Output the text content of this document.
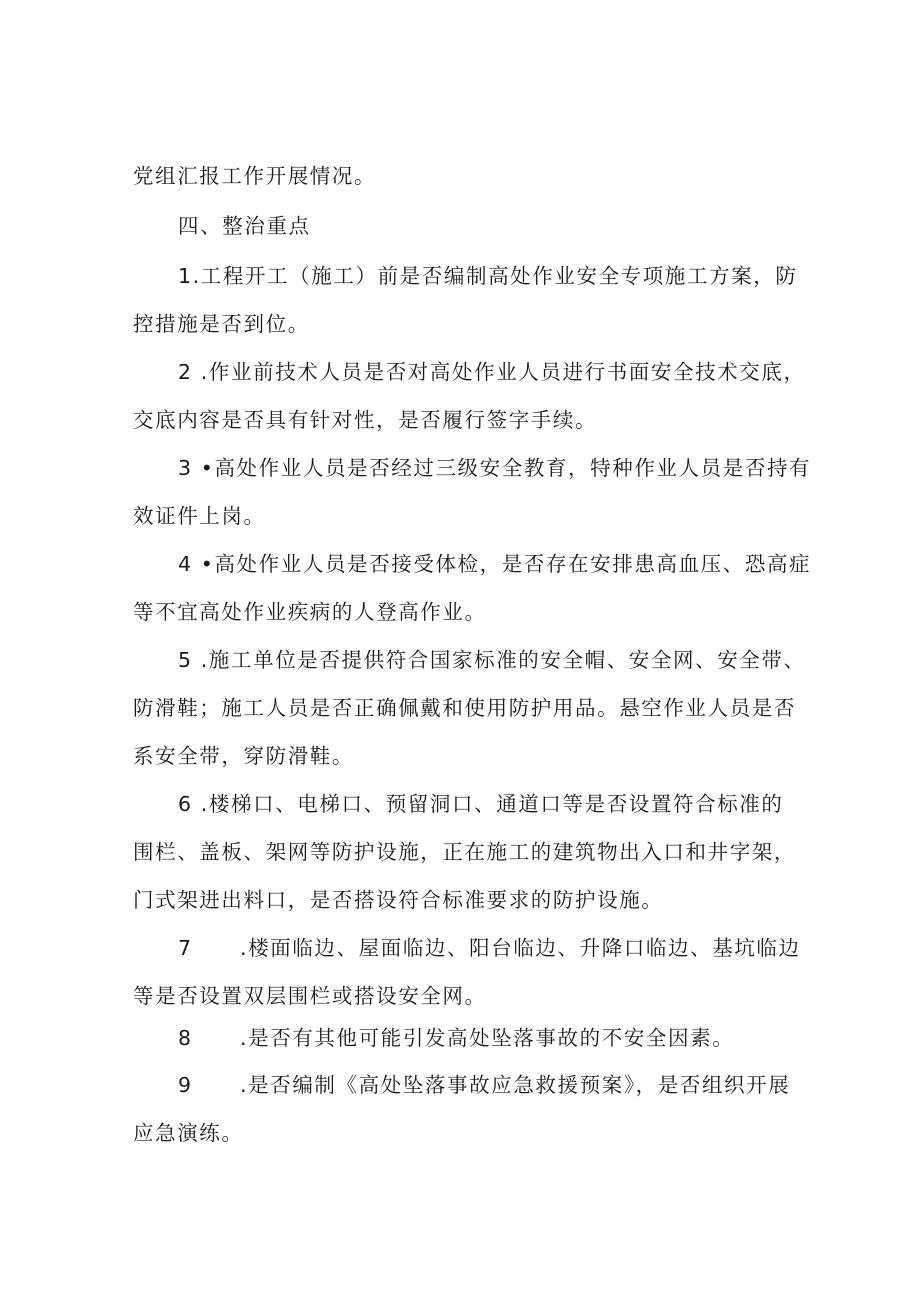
党组汇报工作开展情况。
四、整治重点
1.工程开工（施工）前是否编制高处作业安全专项施工方案，防
控措施是否到位。
2 .作业前技术人员是否对高处作业人员进行书面安全技术交底，
交底内容是否具有针对性，是否履行签字手续。
3 •高处作业人员是否经过三级安全教育，特种作业人员是否持有
效证件上岗。
4 •高处作业人员是否接受体检，是否存在安排患高血压、恐高症
等不宜高处作业疾病的人登高作业。
5 .施工单位是否提供符合国家标准的安全帽、安全网、安全带、
防滑鞋；施工人员是否正确佩戴和使用防护用品。悬空作业人员是否
系安全带，穿防滑鞋。
6 .楼梯口、电梯口、预留洞口、通道口等是否设置符合标准的
围栏、盖板、架网等防护设施，正在施工的建筑物出入口和井字架，
门式架进出料口，是否搭设符合标准要求的防护设施。
7 .楼面临边、屋面临边、阳台临边、升降口临边、基坑临边
等是否设置双层围栏或搭设安全网。
8 .是否有其他可能引发高处坠落事故的不安全因素。
9 .是否编制《高处坠落事故应急救援预案》，是否组织开展
应急演练。
